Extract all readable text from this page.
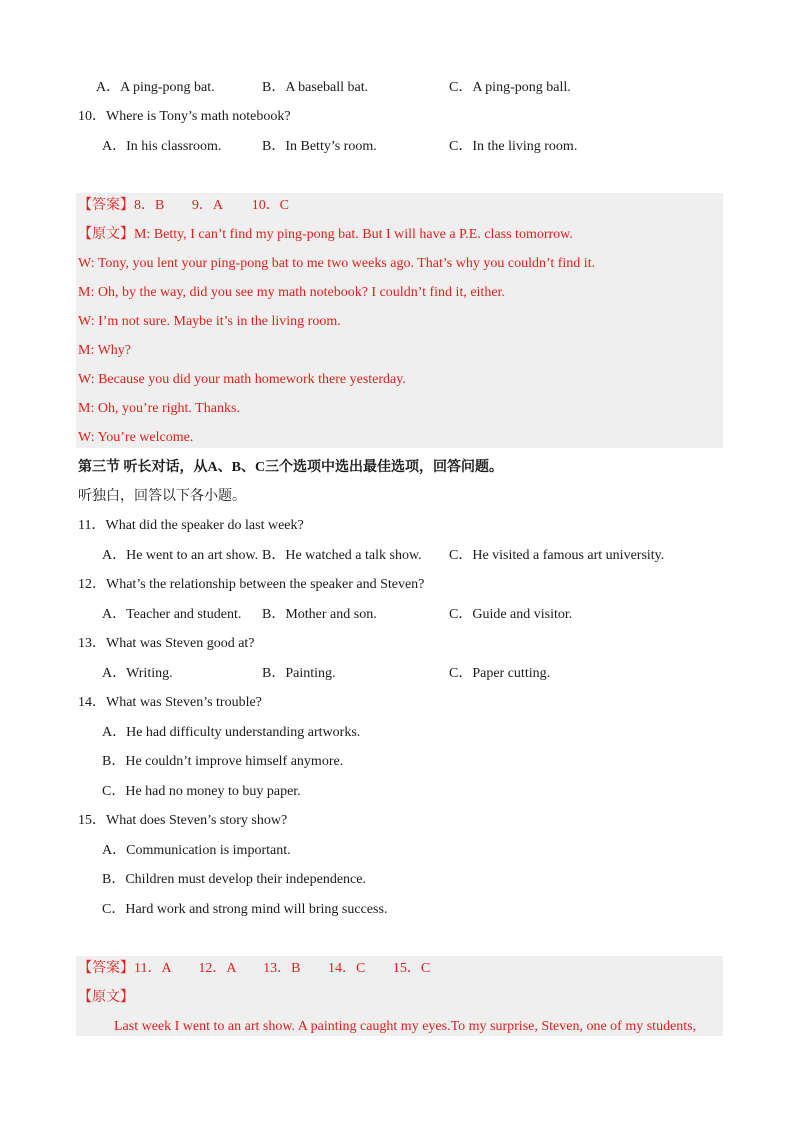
A．A ping-pong bat.	B．A baseball bat.	C．A ping-pong ball.
10．Where is Tony’s math notebook?
A．In his classroom.	B．In Betty’s room.	C．In the living room.
【答案】8．B 9．A 10．C
【原文】M: Betty, I can’t find my ping-pong bat. But I will have a P.E. class tomorrow.
W: Tony, you lent your ping-pong bat to me two weeks ago. That’s why you couldn’t find it.
M: Oh, by the way, did you see my math notebook? I couldn’t find it, either.
W: I’m not sure. Maybe it’s in the living room.
M: Why?
W: Because you did your math homework there yesterday.
M: Oh, you’re right. Thanks.
W: You’re welcome.
第三节 听长对话，从A、B、C三个选项中选出最佳选项，回答问题。
听独白，回答以下各小题。
11．What did the speaker do last week?
A．He went to an art show. B．He watched a talk show. C．He visited a famous art university.
12．What’s the relationship between the speaker and Steven?
A．Teacher and student. B．Mother and son.	C．Guide and visitor.
13．What was Steven good at?
A．Writing.	B．Painting.	C．Paper cutting.
14．What was Steven’s trouble?
A．He had difficulty understanding artworks.
B．He couldn’t improve himself anymore.
C．He had no money to buy paper.
15．What does Steven’s story show?
A．Communication is important.
B．Children must develop their independence.
C．Hard work and strong mind will bring success.
【答案】11．A 12．A 13．B 14．C 15．C
【原文】
Last week I went to an art show. A painting caught my eyes.To my surprise, Steven, one of my students,
